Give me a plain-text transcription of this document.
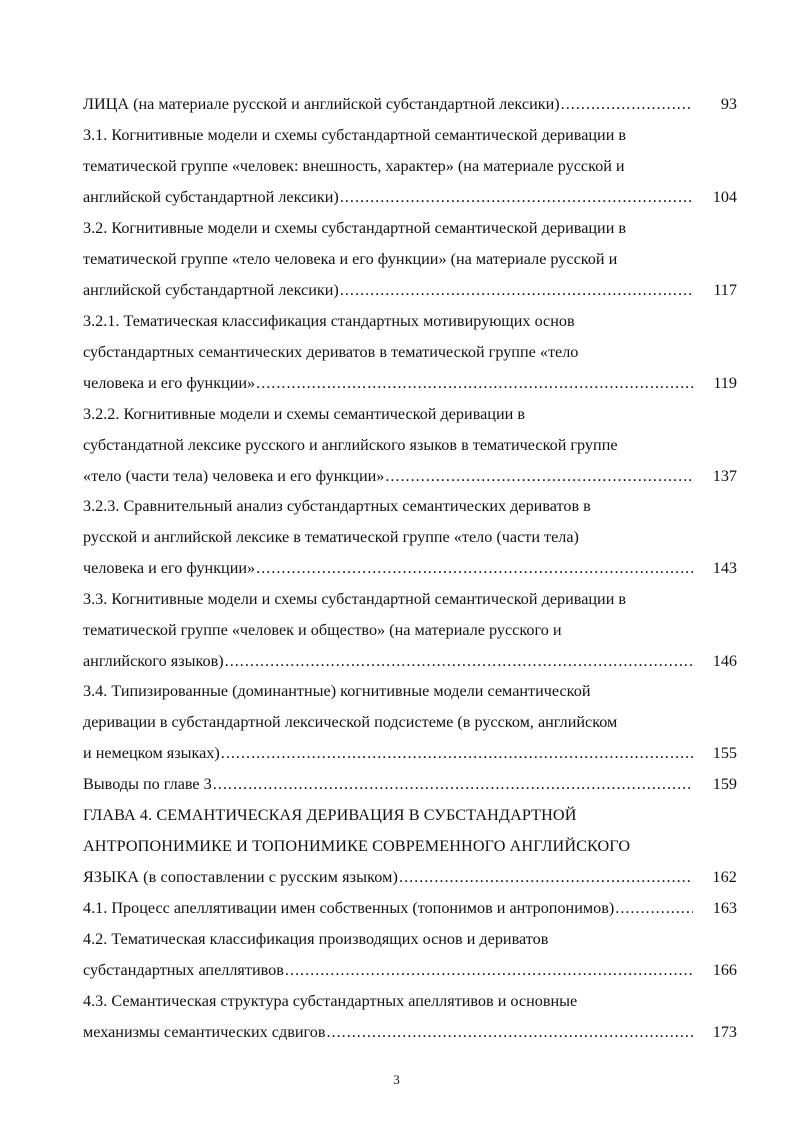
ЛИЦА (на материале русской и английской субстандартной лексики) .....	93
3.1. Когнитивные модели и схемы субстандартной семантической деривации в
тематической группе «человек: внешность, характер» (на материале русской и
английской субстандартной лексики) .....	104
3.2. Когнитивные модели и схемы субстандартной семантической деривации в
тематической группе «тело человека и его функции» (на материале русской и
английской субстандартной лексики) .....	117
3.2.1. Тематическая классификация стандартных мотивирующих основ
субстандартных семантических дериватов в тематической группе «тело
человека и его функции» .....	119
3.2.2. Когнитивные модели и схемы семантической деривации в
субстандатной лексике русского и английского языков в тематической группе
«тело (части тела) человека и его функции» .....	137
3.2.3. Сравнительный анализ субстандартных семантических дериватов в
русской и английской лексике в тематической группе «тело (части тела)
человека и его функции» .....	143
3.3. Когнитивные модели и схемы субстандартной семантической деривации в
тематической группе «человек и общество» (на материале русского и
английского языков) .....	146
3.4. Типизированные (доминантные) когнитивные модели семантической
деривации в субстандартной лексической подсистеме (в русском, английском
и немецком языках) .....	155
Выводы по главе 3 .....	159
ГЛАВА 4. СЕМАНТИЧЕСКАЯ ДЕРИВАЦИЯ В СУБСТАНДАРТНОЙ
АНТРОПОНИМИКЕ И ТОПОНИМИКЕ СОВРЕМЕННОГО АНГЛИЙСКОГО
ЯЗЫКА (в сопоставлении с русским языком) .....	162
4.1. Процесс апеллятивации имен собственных (топонимов и антропонимов) .....	163
4.2. Тематическая классификация производящих основ и дериватов
субстандартных апеллятивов .....	166
4.3. Семантическая структура субстандартных апеллятивов и основные
механизмы семантических сдвигов .....	173
3
